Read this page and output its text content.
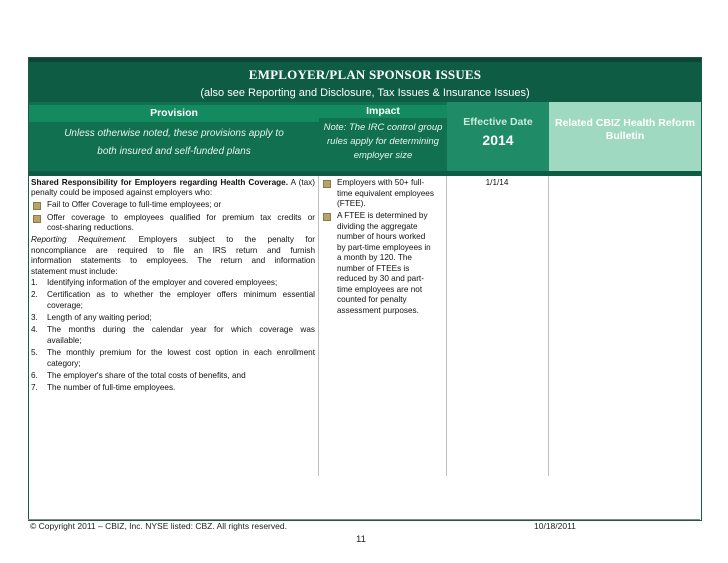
EMPLOYER/PLAN SPONSOR ISSUES
(also see Reporting and Disclosure, Tax Issues & Insurance Issues)
Provision
Unless otherwise noted, these provisions apply to
both insured and self-funded plans
Impact
Note: The IRC control group
rules apply for determining
employer size
Effective Date
2014
Related CBIZ Health Reform
Bulletin
Shared Responsibility for Employers regarding Health Coverage. A (tax)
penalty could be imposed against employers who:
Fail to Offer Coverage to full-time employees; or
Offer coverage to employees qualified for premium tax credits or
cost-sharing reductions.
Reporting Requirement. Employers subject to the penalty for
noncompliance are required to file an IRS return and furnish
information statements to employees. The return and information
statement must include:
1. Identifying information of the employer and covered employees;
2. Certification as to whether the employer offers minimum essential
coverage;
3. Length of any waiting period;
4. The months during the calendar year for which coverage was
available;
5. The monthly premium for the lowest cost option in each enrollment
category;
6. The employer's share of the total costs of benefits, and
7. The number of full-time employees.
Employers with 50+ full-
time equivalent employees
(FTEE).
A FTEE is determined by
dividing the aggregate
number of hours worked
by part-time employees in
a month by 120. The
number of FTEEs is
reduced by 30 and part-
time employees are not
counted for penalty
assessment purposes.
1/1/14
© Copyright 2011 – CBIZ, Inc. NYSE listed: CBZ. All rights reserved.	10/18/2011
11
